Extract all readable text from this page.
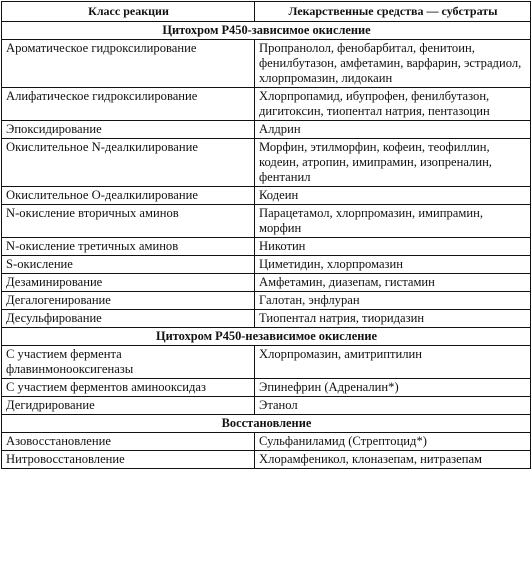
Класс реакции	Лекарственные средства — субстраты
Цитохром P450-зависимое окисление	
Ароматическое гидроксилирование	Пропранолол, фенобарбитал, фенитоин, фенилбутазон, амфетамин, варфарин, эстрадиол, хлорпромазин, лидокаин
Алифатическое гидроксилирование	Хлорпропамид, ибупрофен, фенилбутазон, дигитоксин, тиопентал натрия, пентазоцин
Эпоксидирование	Алдрин
Окислительное N-деалкилирование	Морфин, этилморфин, кофеин, теофиллин, кодеин, атропин, имипрамин, изопреналин, фентанил
Окислительное O-деалкилирование	Кодеин
N-окисление вторичных аминов	Парацетамол, хлорпромазин, имипрамин, морфин
N-окисление третичных аминов	Никотин
S-окисление	Циметидин, хлорпромазин
Дезаминирование	Амфетамин, диазепам, гистамин
Дегалогенирование	Галотан, энфлуран
Десульфирование	Тиопентал натрия, тиоридазин
Цитохром P450-независимое окисление	
С участием фермента флавинмонооксигеназы	Хлорпромазин, амитриптилин
С участием ферментов аминооксидаз	Эпинефрин (Адреналин*)
Дегидрирование	Этанол
Восстановление	
Азовосстановление	Сульфаниламид (Стрептоцид*)
Нитровосстановление	Хлорамфеникол, клоназепам, нитразепам
